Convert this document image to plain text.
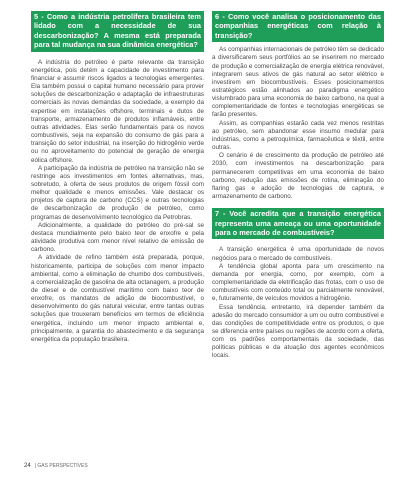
5 - Como a indústria petrolífera brasileira tem lidado com a necessidade de sua descarbonização? A mesma está preparada para tal mudança na sua dinâmica energética?

A indústria do petróleo é parte relevante da transição energética, pois detém a capacidade de investimento para financiar e assumir riscos ligados a tecnologias emergentes. Ela também possui o capital humano necessário para prover soluções de descarbonização e adaptação de infraestruturas comerciais às novas demandas da sociedade, a exemplo da expertise em instalações offshore, terminais e dutos de transporte, armazenamento de produtos inflamáveis, entre outras atividades. Elas serão fundamentais para os novos combustíveis, seja na expansão do consumo de gás para a transição do setor industrial, na inserção do hidrogênio verde ou no aproveitamento do potencial de geração de energia eólica offshore.

A participação da indústria de petróleo na transição não se restringe aos investimentos em fontes alternativas, mas, sobretudo, à oferta de seus produtos de origem fóssil com melhor qualidade e menos emissões. Vale destacar os projetos de captura de carbono (CCS) e outras tecnologias de descarbonização de produção de petróleo, como programas de desenvolvimento tecnológico da Petrobras.

Adicionalmente, a qualidade do petróleo do pré-sal se destaca mundialmente pelo baixo teor de enxofre e pela atividade produtiva com menor nível relativo de emissão de carbono.

A atividade de refino também está preparada, porque, historicamente, participa de soluções com menor impacto ambiental, como a eliminação de chumbo dos combustíveis, a comercialização de gasolina de alta octanagem, a produção de diesel e de combustível marítimo com baixo teor de enxofre, os mandatos de adição de biocombustível, o desenvolvimento do gás natural veicular, entre tantas outras soluções que trouxeram benefícios em termos de eficiência energética, incluindo um menor impacto ambiental e, principalmente, a garantia do abastecimento e da segurança energética da população brasileira.

6 - Como você analisa o posicionamento das companhias energéticas com relação à transição?

As companhias internacionais de petróleo têm se dedicado a diversificarem seus portfólios ao se inserirem no mercado de produção e comercialização de energia elétrica renovável, integrarem seus ativos de gás natural ao setor elétrico e investirem em biocombustíveis. Esses posicionamentos estratégicos estão alinhados ao paradigma energético vislumbrado para uma economia de baixo carbono, na qual a complementaridade de fontes e tecnologias energéticas se farão presentes.

Assim, as companhias estarão cada vez menos restritas ao petróleo, sem abandonar esse insumo medular para indústrias, como a petroquímica, farmacêutica e têxtil, entre outras.

O cenário é de crescimento da produção de petróleo até 2030, com investimentos na descarbonização para permanecerem competitivas em uma economia de baixo carbono, redução das emissões de rotina, eliminação do flaring gas e adoção de tecnologias de captura, e armazenamento de carbono.

7 - Você acredita que a transição energética representa uma ameaça ou uma oportunidade para o mercado de combustíveis?

A transição energética é uma oportunidade de novos negócios para o mercado de combustíveis.

A tendência global aponta para um crescimento na demanda por energia, como, por exemplo, com a complementaridade da eletrificação das frotas, com o uso de combustíveis com conteúdo total ou parcialmente renovável, e, futuramente, de veículos movidos a hidrogênio.

Essa tendência, entretanto, irá depender também da adesão do mercado consumidor a um ou outro combustível e das condições de competitividade entre os produtos, o que se diferencia entre países ou regiões de acordo com a oferta, com os padrões comportamentais da sociedade, das políticas públicas e da atuação dos agentes econômicos locais.

24 | GAS PERSPECTIVES
